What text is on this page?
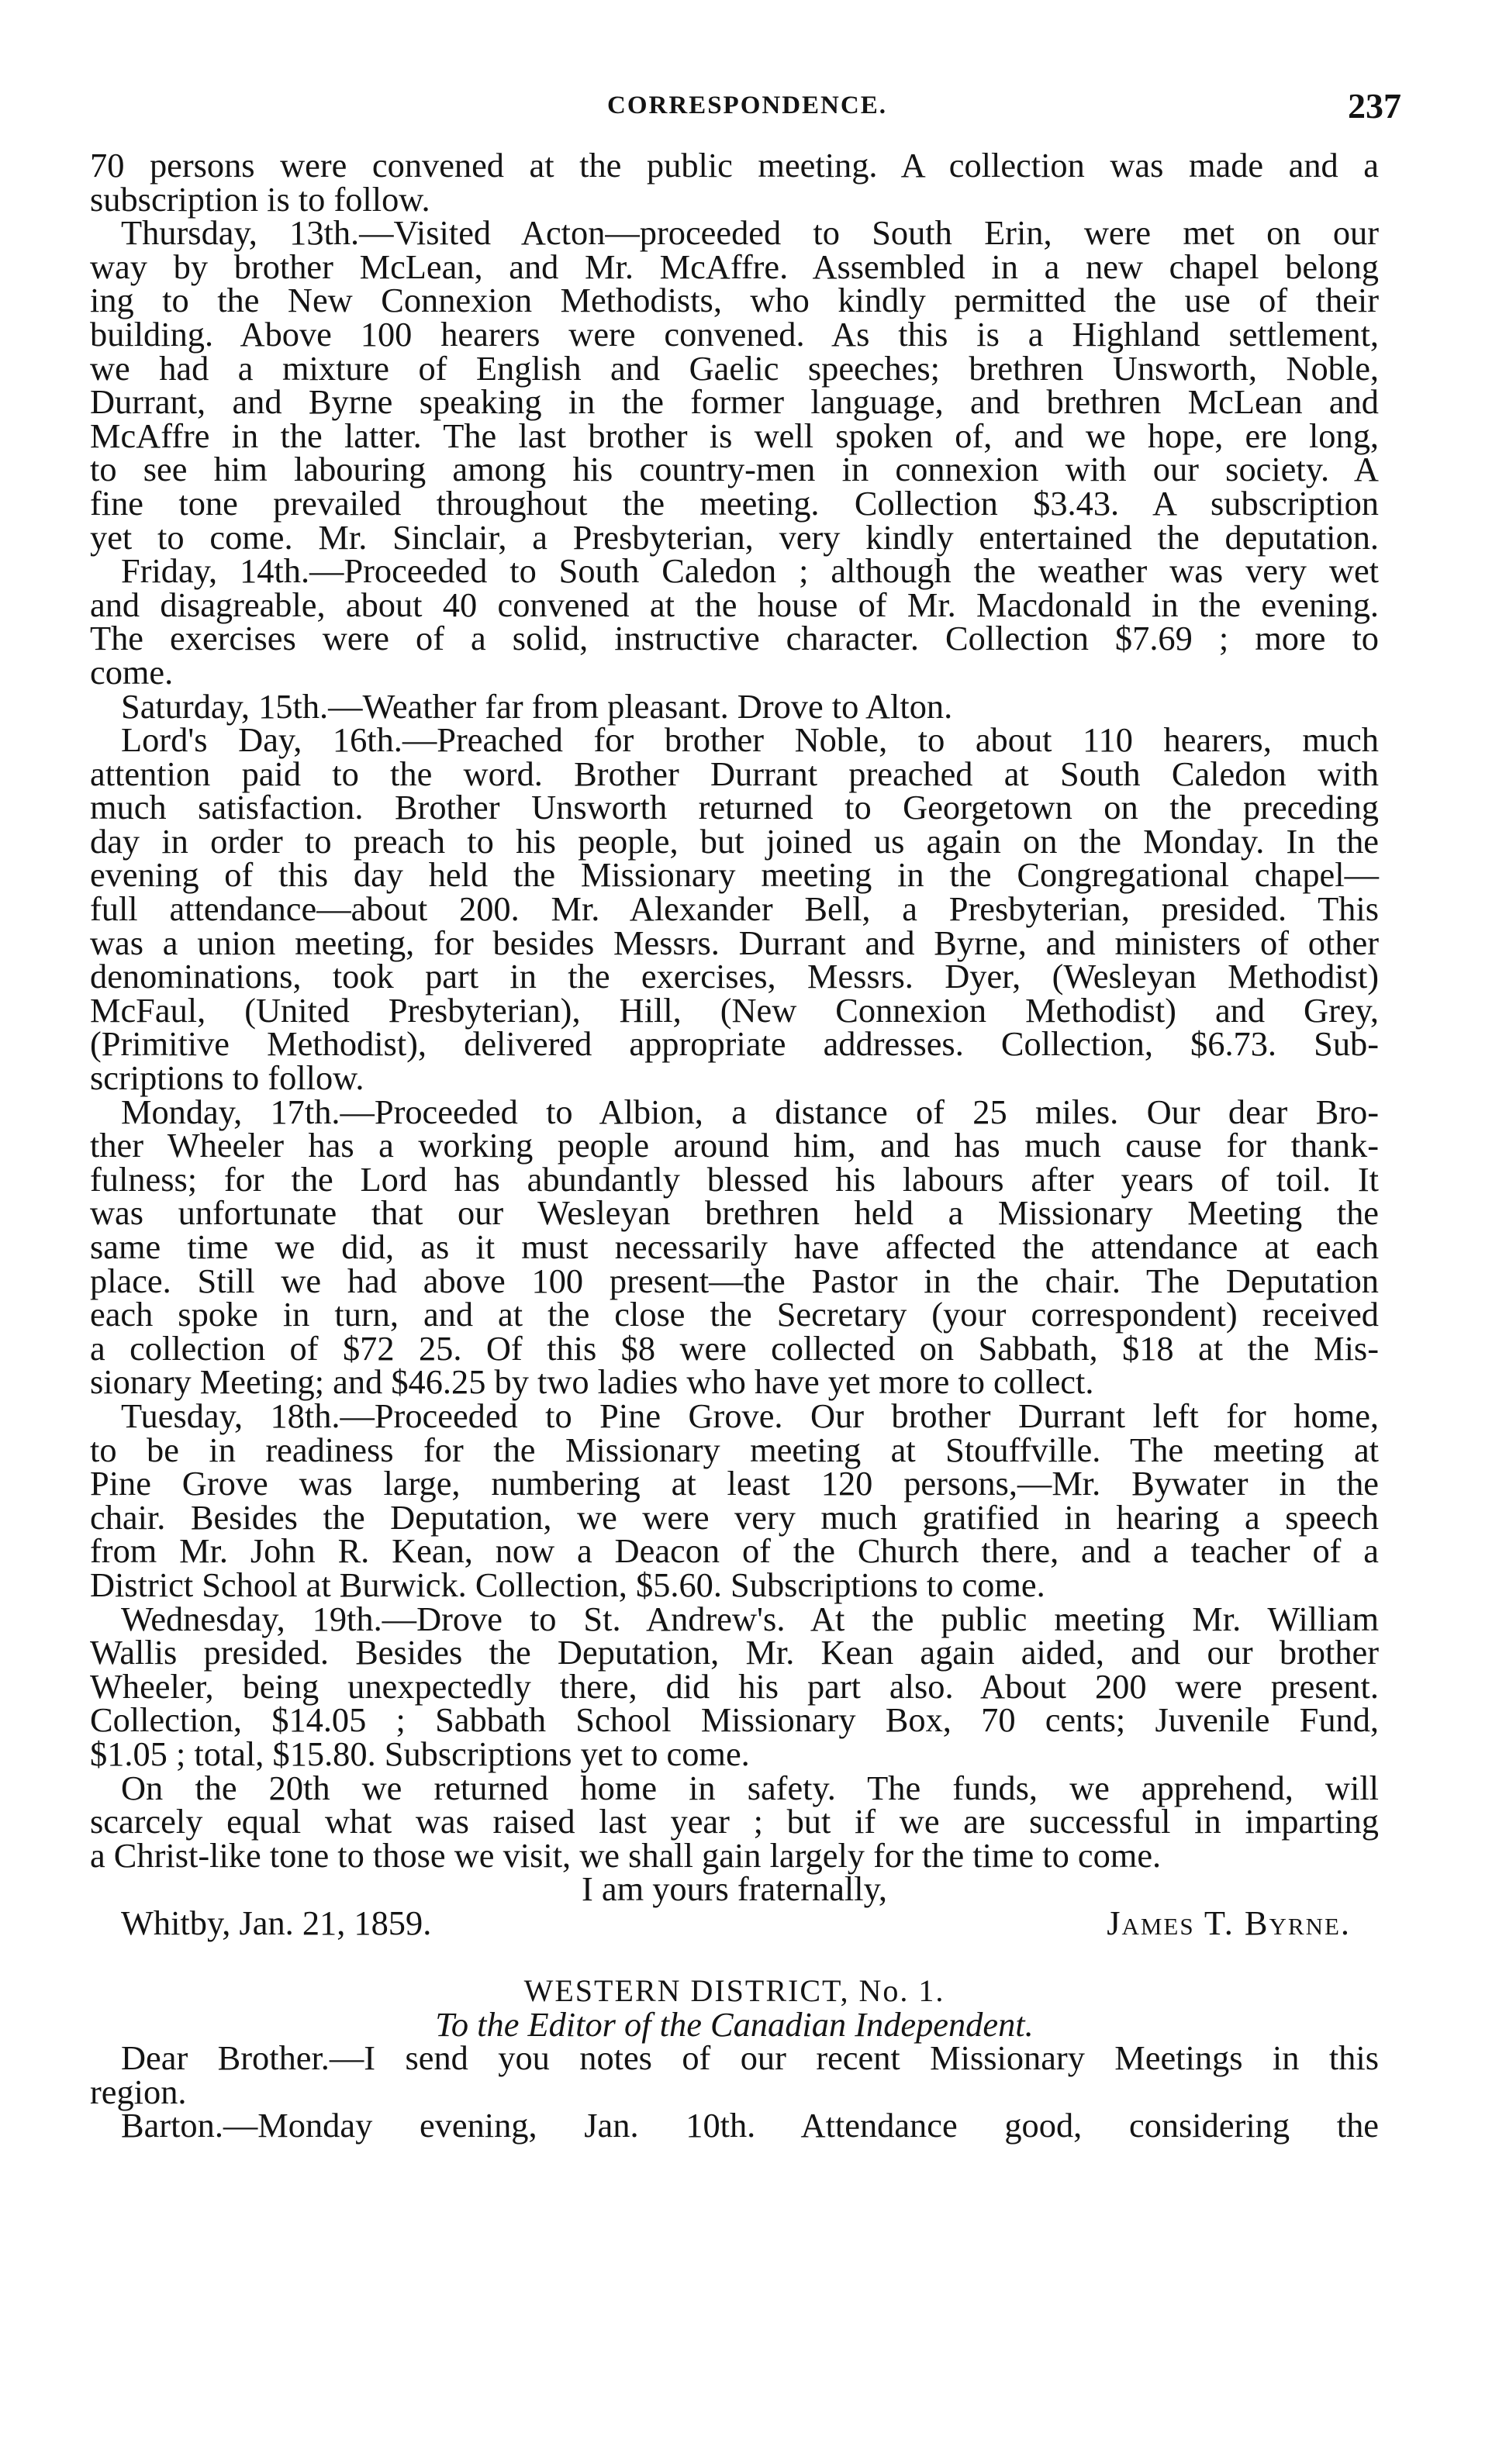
CORRESPONDENCE.	237
70 persons were convened at the public meeting. A collection was made and a
subscription is to follow.
Thursday, 13th.—Visited Acton—proceeded to South Erin, were met on our
way by brother McLean, and Mr. McAffre. Assembled in a new chapel belong
ing to the New Connexion Methodists, who kindly permitted the use of their
building. Above 100 hearers were convened. As this is a Highland settlement,
we had a mixture of English and Gaelic speeches; brethren Unsworth, Noble,
Durrant, and Byrne speaking in the former language, and brethren McLean and
McAffre in the latter. The last brother is well spoken of, and we hope, ere long,
to see him labouring among his country-men in connexion with our society. A
fine tone prevailed throughout the meeting. Collection $3.43. A subscription
yet to come. Mr. Sinclair, a Presbyterian, very kindly entertained the deputation.
Friday, 14th.—Proceeded to South Caledon ; although the weather was very wet
and disagreable, about 40 convened at the house of Mr. Macdonald in the evening.
The exercises were of a solid, instructive character. Collection $7.69 ; more to
come.
Saturday, 15th.—Weather far from pleasant. Drove to Alton.
Lord's Day, 16th.—Preached for brother Noble, to about 110 hearers, much
attention paid to the word. Brother Durrant preached at South Caledon with
much satisfaction. Brother Unsworth returned to Georgetown on the preceding
day in order to preach to his people, but joined us again on the Monday. In the
evening of this day held the Missionary meeting in the Congregational chapel—
full attendance—about 200. Mr. Alexander Bell, a Presbyterian, presided. This
was a union meeting, for besides Messrs. Durrant and Byrne, and ministers of other
denominations, took part in the exercises, Messrs. Dyer, (Wesleyan Methodist)
McFaul, (United Presbyterian), Hill, (New Connexion Methodist) and Grey,
(Primitive Methodist), delivered appropriate addresses. Collection, $6.73. Sub-
scriptions to follow.
Monday, 17th.—Proceeded to Albion, a distance of 25 miles. Our dear Bro-
ther Wheeler has a working people around him, and has much cause for thank-
fulness; for the Lord has abundantly blessed his labours after years of toil. It
was unfortunate that our Wesleyan brethren held a Missionary Meeting the
same time we did, as it must necessarily have affected the attendance at each
place. Still we had above 100 present—the Pastor in the chair. The Deputation
each spoke in turn, and at the close the Secretary (your correspondent) received
a collection of $72 25. Of this $8 were collected on Sabbath, $18 at the Mis-
sionary Meeting; and $46.25 by two ladies who have yet more to collect.
Tuesday, 18th.—Proceeded to Pine Grove. Our brother Durrant left for home,
to be in readiness for the Missionary meeting at Stouffville. The meeting at
Pine Grove was large, numbering at least 120 persons,—Mr. Bywater in the
chair. Besides the Deputation, we were very much gratified in hearing a speech
from Mr. John R. Kean, now a Deacon of the Church there, and a teacher of a
District School at Burwick. Collection, $5.60. Subscriptions to come.
Wednesday, 19th.—Drove to St. Andrew's. At the public meeting Mr. William
Wallis presided. Besides the Deputation, Mr. Kean again aided, and our brother
Wheeler, being unexpectedly there, did his part also. About 200 were present.
Collection, $14.05 ; Sabbath School Missionary Box, 70 cents; Juvenile Fund,
$1.05 ; total, $15.80. Subscriptions yet to come.
On the 20th we returned home in safety. The funds, we apprehend, will
scarcely equal what was raised last year ; but if we are successful in imparting
a Christ-like tone to those we visit, we shall gain largely for the time to come.
I am yours fraternally,
Whitby, Jan. 21, 1859.	James T. Byrne.
WESTERN DISTRICT, No. 1.
To the Editor of the Canadian Independent.
Dear Brother.—I send you notes of our recent Missionary Meetings in this
region.
Barton.—Monday evening, Jan. 10th. Attendance good, considering the
